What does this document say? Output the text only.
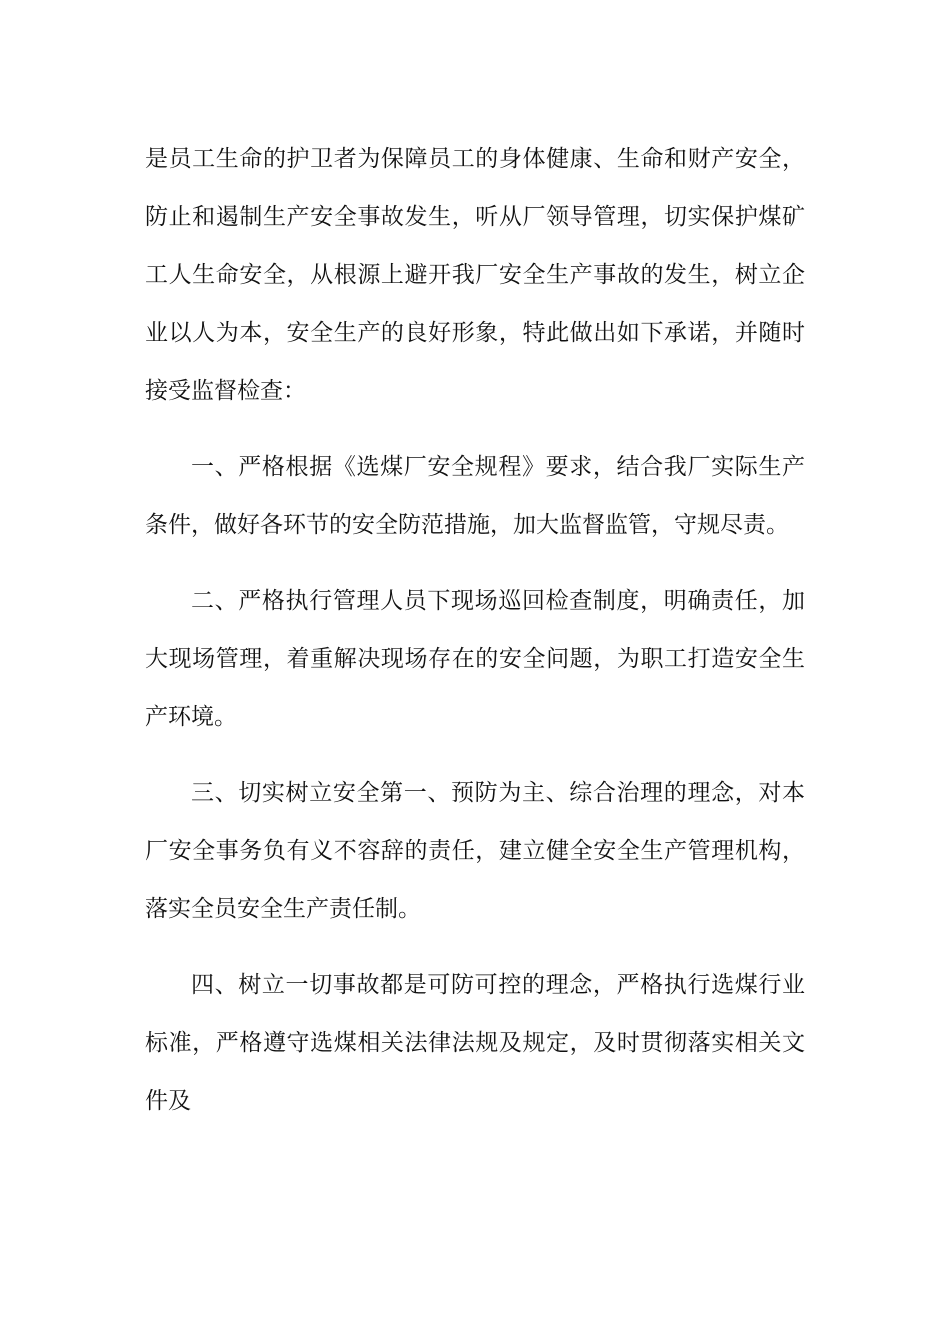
是员工生命的护卫者为保障员工的身体健康、生命和财产安全，防止和遏制生产安全事故发生，听从厂领导管理，切实保护煤矿工人生命安全，从根源上避开我厂安全生产事故的发生，树立企业以人为本，安全生产的良好形象，特此做出如下承诺，并随时接受监督检查：

一、严格根据《选煤厂安全规程》要求，结合我厂实际生产条件，做好各环节的安全防范措施，加大监督监管，守规尽责。

二、严格执行管理人员下现场巡回检查制度，明确责任，加大现场管理，着重解决现场存在的安全问题，为职工打造安全生产环境。

三、切实树立安全第一、预防为主、综合治理的理念，对本厂安全事务负有义不容辞的责任，建立健全安全生产管理机构，落实全员安全生产责任制。

四、树立一切事故都是可防可控的理念，严格执行选煤行业标准，严格遵守选煤相关法律法规及规定，及时贯彻落实相关文件及
